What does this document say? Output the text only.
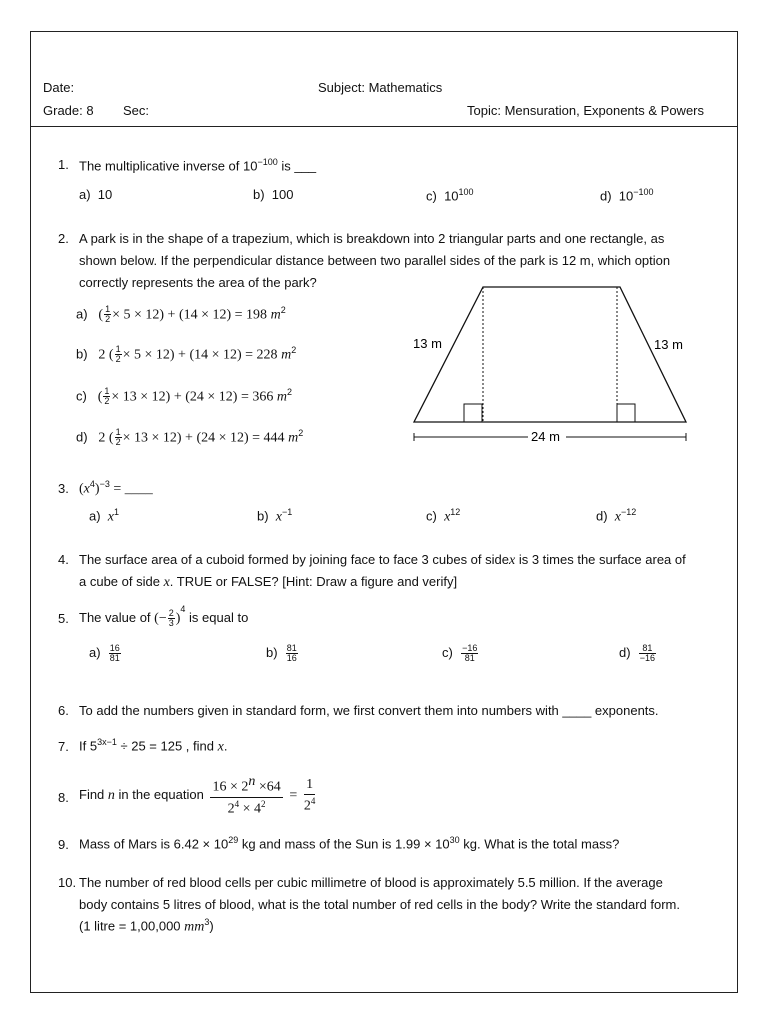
Date:	Subject: Mathematics
Grade: 8 Sec:	Topic: Mensuration, Exponents & Powers
1. The multiplicative inverse of $10^{-100}$ is ___
a) 10	b) 100	c) $10^{100}$	d) $10^{-100}$
2. A park is in the shape of a trapezium, which is breakdown into 2 triangular parts and one rectangle, as
shown below. If the perpendicular distance between two parallel sides of the park is 12 m, which option
correctly represents the area of the park?
a) ( $\frac{1}{2} \times 5 \times 12) + (14 \times 12) = 198$ $m^2$
b) 2 ( $\frac{1}{2} \times 5 \times 12) + (14 \times 12) = 228$ $m^2$
c) ( $\frac{1}{2} \times 13 \times 12) + (24 \times 12) = 366$ $m^2$
d) 2 ( $\frac{1}{2} \times 13 \times 12) + (24 \times 12) = 444$ $m^2$
13 m	13 m
24 m
3. $(x^4)^{-3}$ = ____
a) $x^1$	b) $x^{-1}$	c) $x^{12}$	d) $x^{-12}$
4. The surface area of a cuboid formed by joining face to face 3 cubes of sidex is 3 times the surface area of
a cube of side x. TRUE or FALSE? [Hint: Draw a figure and verify]
5. The value of (− $\frac{2}{3} )^4$ is equal to
$a) \frac{16}{81}$	$b) \frac{81}{16}$	$c) \frac{-16}{81}$	$d) \frac{81}{-16}$
6. To add the numbers given in standard form, we first convert them into numbers with ____ exponents.
7. If $5^{3x-1} \div 25 = 125$ , find x.
8. Find n in the equation $\frac{16 \times 2^n \times 64}{2^4 \times 4^2} = \frac{1}{2^4}$
9. Mass of Mars is $6.42 \times 10^{29}$ kg and mass of the Sun is $1.99 \times 10^{30}$ kg. What is the total mass?
10. The number of red blood cells per cubic millimetre of blood is approximately 5.5 million. If the average
body contains 5 litres of blood, what is the total number of red cells in the body? Write the standard form.
(1 litre = 1,00,000 $mm^3$)
